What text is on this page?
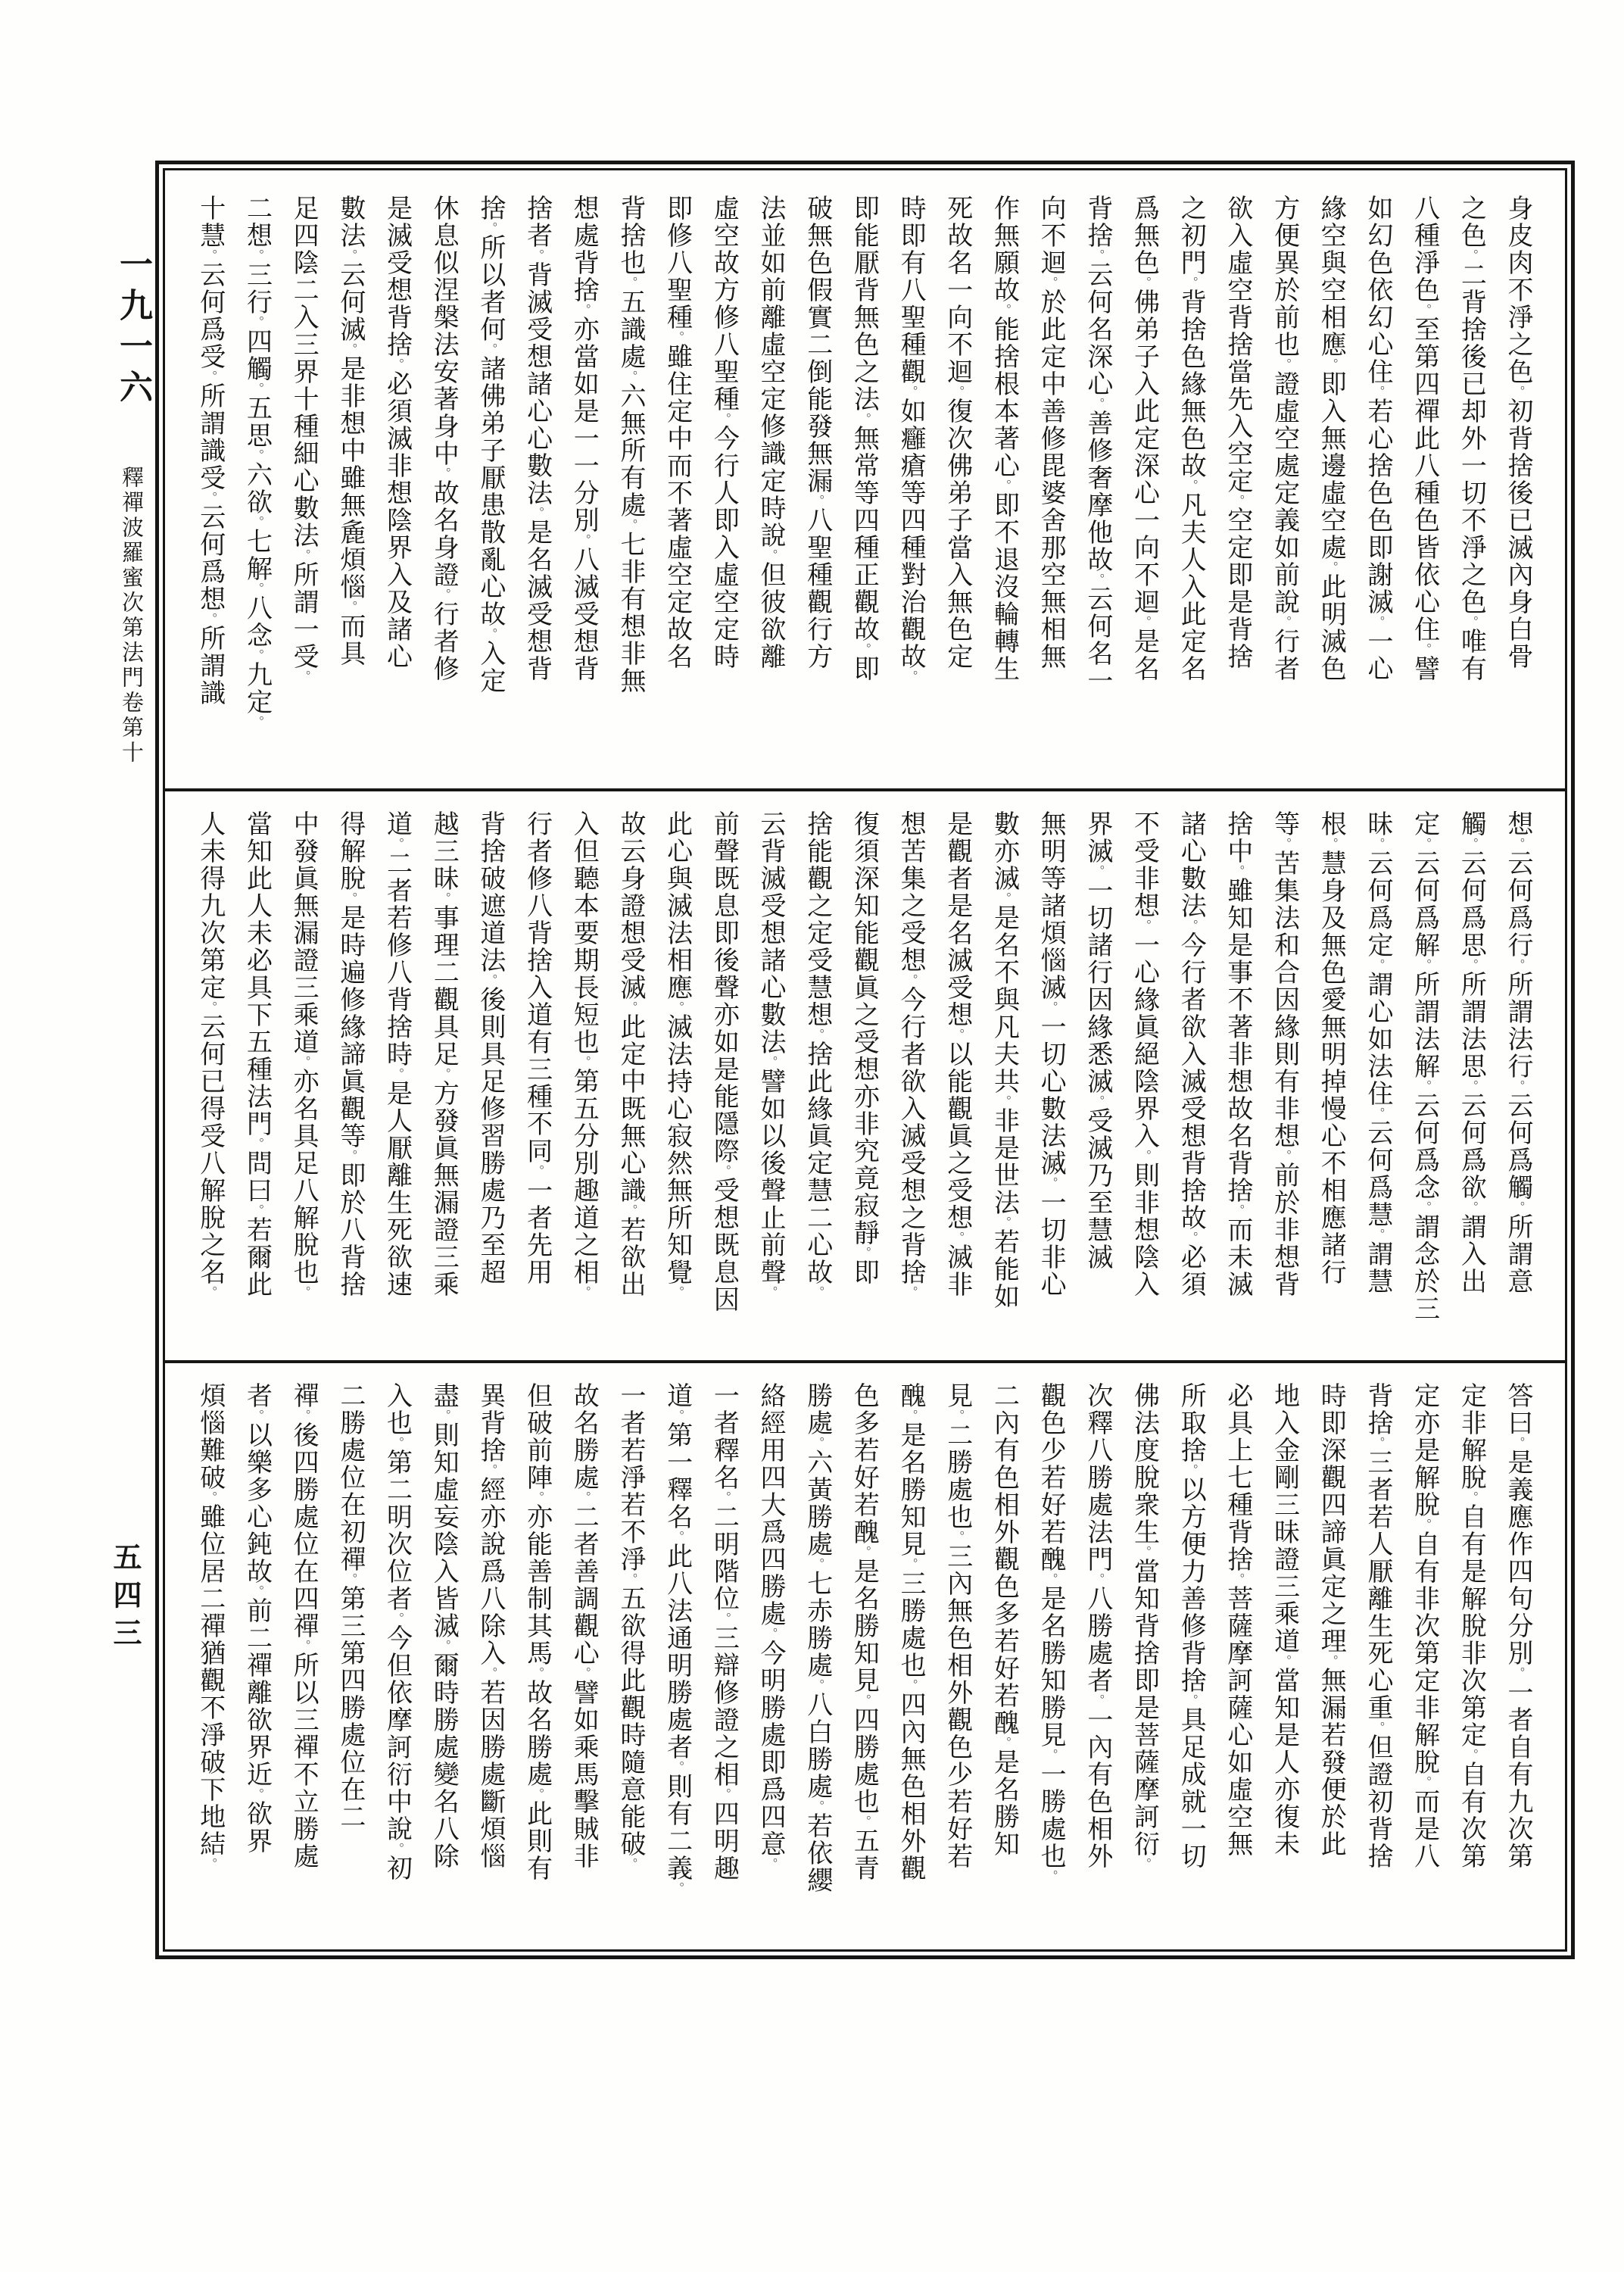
一九一六
釋禪波羅蜜次第法門卷第十
五四三
身皮肉不淨之色。初背捨後已滅內身白骨
之色。二背捨後已却外一切不淨之色。唯有
八種淨色。至第四禪此八種色皆依心住。譬
如幻色依幻心住。若心捨色色即謝滅。一心
緣空與空相應。即入無邊虛空處。此明滅色
方便異於前也。證虛空處定義如前說。行者
欲入虛空背捨當先入空定。空定即是背捨
之初門。背捨色緣無色故。凡夫人入此定名
爲無色。佛弟子入此定深心一向不迴。是名
背捨。云何名深心。善修奢摩他故。云何名一
向不迴。於此定中善修毘婆舍那空無相無
作無願故。能捨根本著心。即不退沒輪轉生
死故名一向不迴。復次佛弟子當入無色定
時即有八聖種觀。如癰瘡等四種對治觀故。
即能厭背無色之法。無常等四種正觀故。即
破無色假實二倒能發無漏。八聖種觀行方
法並如前離虛空定修識定時說。但彼欲離
虛空故方修八聖種。今行人即入虛空定時
即修八聖種。雖住定中而不著虛空定故名
背捨也。五識處。六無所有處。七非有想非無
想處背捨。亦當如是一一分別。八滅受想背
捨者。背滅受想諸心心數法。是名滅受想背
捨。所以者何。諸佛弟子厭患散亂心故。入定
休息似涅槃法安著身中。故名身證。行者修
是滅受想背捨。必須滅非想陰界入及諸心
數法。云何滅。是非想中雖無麁煩惱。而具
足四陰二入三界十種細心數法。所謂一受。
二想。三行。四觸。五思。六欲。七解。八念。九定。
十慧。云何爲受。所謂識受。云何爲想。所謂識
想。云何爲行。所謂法行。云何爲觸。所謂意
觸。云何爲思。所謂法思。云何爲欲。謂入出
定。云何爲解。所謂法解。云何爲念。謂念於三
昧。云何爲定。謂心如法住。云何爲慧。謂慧
根。慧身及無色愛無明掉慢心不相應諸行
等。苦集法和合因緣則有非想。前於非想背
捨中。雖知是事不著非想故名背捨。而未滅
諸心數法。今行者欲入滅受想背捨故。必須
不受非想。一心緣眞絕陰界入。則非想陰入
界滅。一切諸行因緣悉滅。受滅乃至慧滅
無明等諸煩惱滅。一切心數法滅。一切非心
數亦滅。是名不與凡夫共。非是世法。若能如
是觀者是名滅受想。以能觀眞之受想。滅非
想苦集之受想。今行者欲入滅受想之背捨。
復須深知能觀眞之受想亦非究竟寂靜。即
捨能觀之定受慧想。捨此緣眞定慧二心故。
云背滅受想諸心數法。譬如以後聲止前聲。
前聲既息即後聲亦如是能隱際。受想既息因
此心與滅法相應。滅法持心寂然無所知覺。
故云身證想受滅。此定中既無心識。若欲出
入但聽本要期長短也。第五分別趣道之相。
行者修八背捨入道有三種不同。一者先用
背捨破遮道法。後則具足修習勝處乃至超
越三昧。事理二觀具足。方發眞無漏證三乘
道。二者若修八背捨時。是人厭離生死欲速
得解脫。是時遍修緣諦眞觀等。即於八背捨
中發眞無漏證三乘道。亦名具足八解脫也。
當知此人未必具下五種法門。問曰。若爾此
人未得九次第定。云何已得受八解脫之名。
答曰。是義應作四句分別。一者自有九次第
定非解脫。自有是解脫非次第定。自有次第
定亦是解脫。自有非次第定非解脫。而是八
背捨。三者若人厭離生死心重。但證初背捨
時即深觀四諦眞定之理。無漏若發便於此
地入金剛三昧證三乘道。當知是人亦復未
必具上七種背捨。菩薩摩訶薩心如虛空無
所取捨。以方便力善修背捨。具足成就一切
佛法度脫衆生。當知背捨即是菩薩摩訶衍。
次釋八勝處法門。八勝處者。一內有色相外
觀色少若好若醜。是名勝知勝見。一勝處也。
二內有色相外觀色多若好若醜。是名勝知
見。二勝處也。三內無色相外觀色少若好若
醜。是名勝知見。三勝處也。四內無色相外觀
色多若好若醜。是名勝知見。四勝處也。五青
勝處。六黃勝處。七赤勝處。八白勝處。若依纓
絡經用四大爲四勝處。今明勝處即爲四意。
一者釋名。二明階位。三辯修證之相。四明趣
道。第一釋名。此八法通明勝處者。則有二義。
一者若淨若不淨。五欲得此觀時隨意能破。
故名勝處。二者善調觀心。譬如乘馬擊賊非
但破前陣。亦能善制其馬。故名勝處。此則有
異背捨。經亦說爲八除入。若因勝處斷煩惱
盡。則知虛妄陰入皆滅。爾時勝處變名八除
入也。第二明次位者。今但依摩訶衍中說。初
二勝處位在初禪。第三第四勝處位在二
禪。後四勝處位在四禪。所以三禪不立勝處
者。以樂多心鈍故。前二禪離欲界近。欲界
煩惱難破。雖位居二禪猶觀不淨破下地結。
